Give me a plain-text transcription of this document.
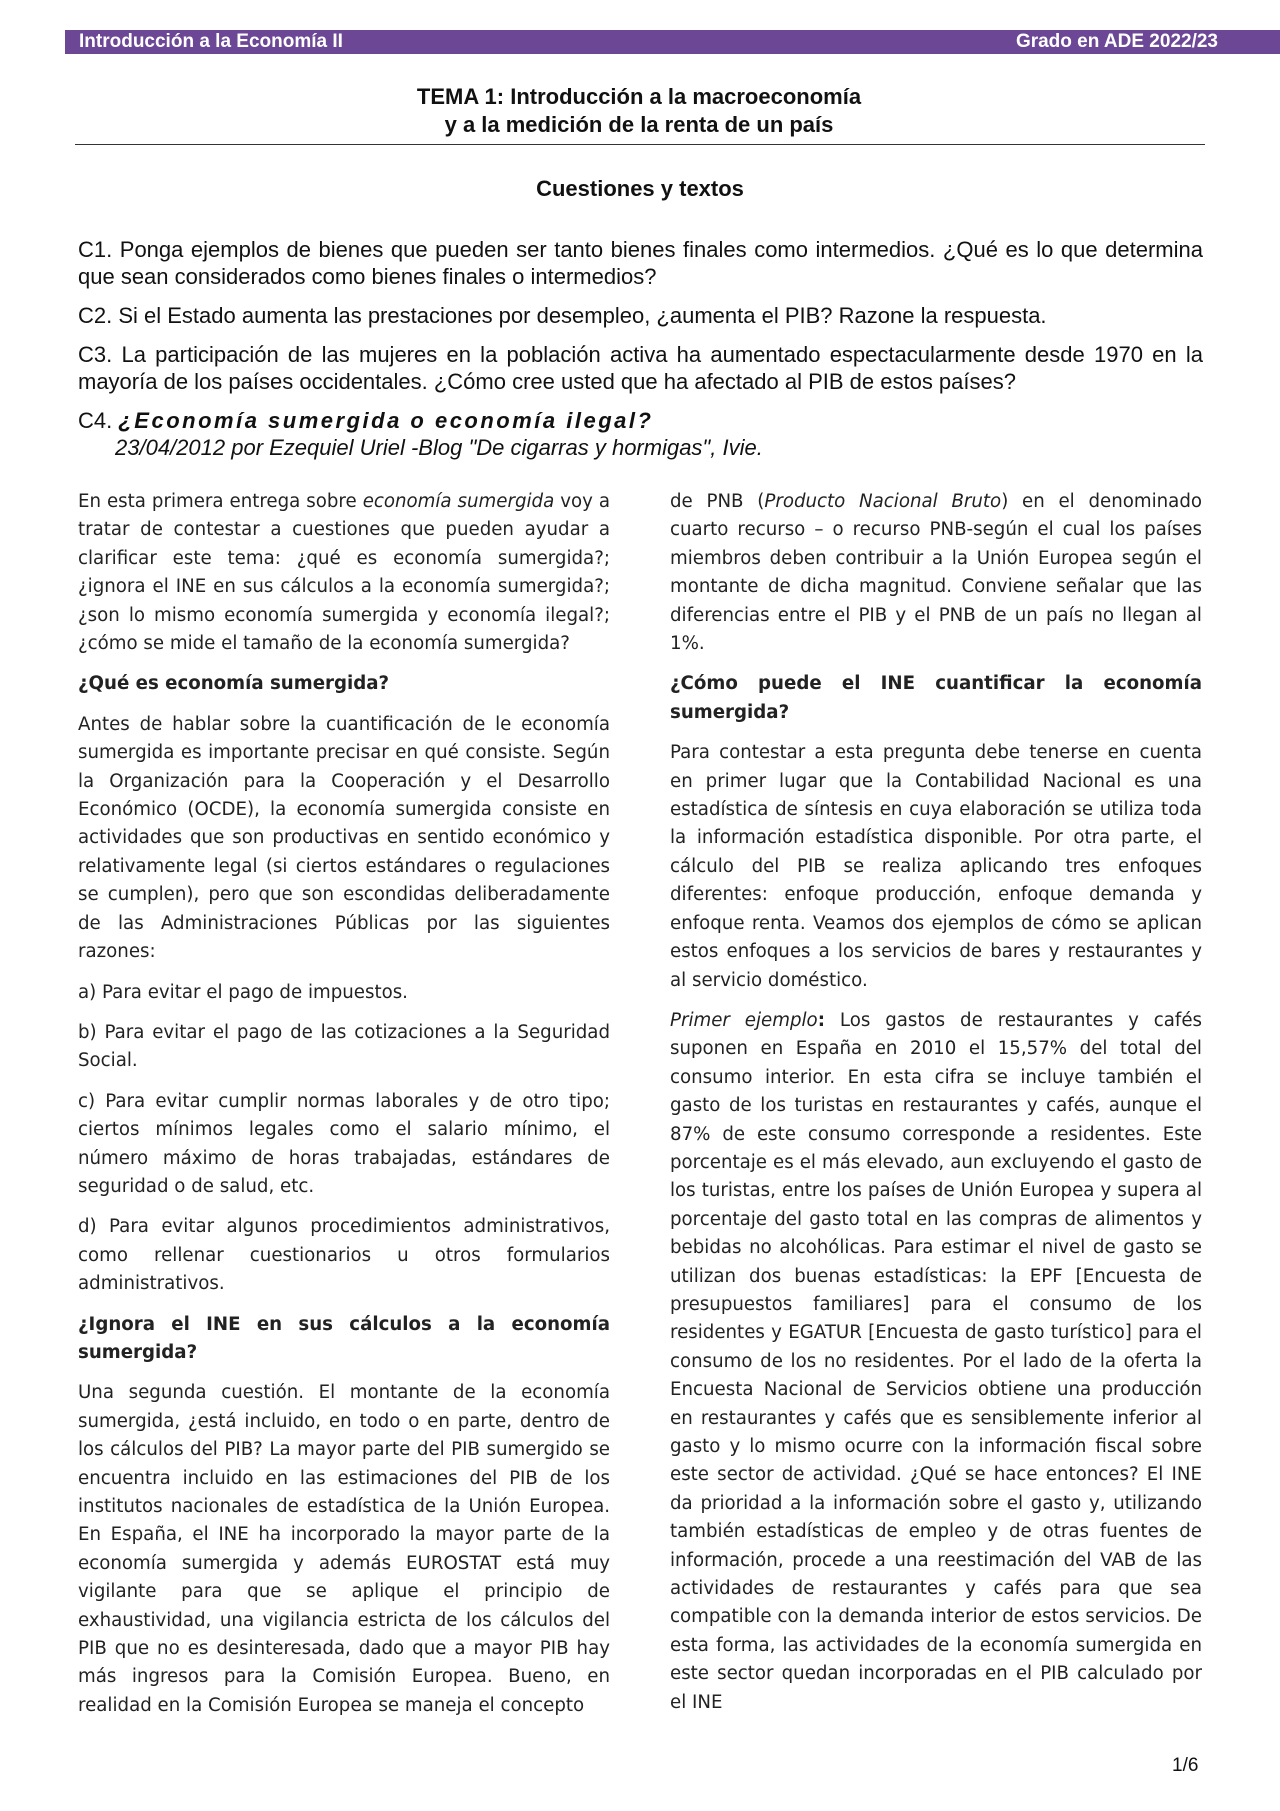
Introducción a la Economía II	Grado en ADE 2022/23
TEMA 1: Introducción a la macroeconomía
y a la medición de la renta de un país
Cuestiones y textos

C1. Ponga ejemplos de bienes que pueden ser tanto bienes finales como intermedios. ¿Qué es lo que determina que sean considerados como bienes finales o intermedios?

C2. Si el Estado aumenta las prestaciones por desempleo, ¿aumenta el PIB? Razone la respuesta.

C3. La participación de las mujeres en la población activa ha aumentado espectacularmente desde 1970 en la mayoría de los países occidentales. ¿Cómo cree usted que ha afectado al PIB de estos países?

C4. ¿Economía sumergida o economía ilegal?
23/04/2012 por Ezequiel Uriel -Blog "De cigarras y hormigas", Ivie.

En esta primera entrega sobre economía sumergida voy a tratar de contestar a cuestiones que pueden ayudar a clarificar este tema: ¿qué es economía sumergida?; ¿ignora el INE en sus cálculos a la economía sumergida?; ¿son lo mismo economía sumergida y economía ilegal?; ¿cómo se mide el tamaño de la economía sumergida?

¿Qué es economía sumergida?

Antes de hablar sobre la cuantificación de le economía sumergida es importante precisar en qué consiste. Según la Organización para la Cooperación y el Desarrollo Económico (OCDE), la economía sumergida consiste en actividades que son productivas en sentido económico y relativamente legal (si ciertos estándares o regulaciones se cumplen), pero que son escondidas deliberadamente de las Administraciones Públicas por las siguientes razones:

a) Para evitar el pago de impuestos.

b) Para evitar el pago de las cotizaciones a la Seguridad Social.

c) Para evitar cumplir normas laborales y de otro tipo; ciertos mínimos legales como el salario mínimo, el número máximo de horas trabajadas, estándares de seguridad o de salud, etc.

d) Para evitar algunos procedimientos administrativos, como rellenar cuestionarios u otros formularios administrativos.

¿Ignora el INE en sus cálculos a la economía sumergida?

Una segunda cuestión. El montante de la economía sumergida, ¿está incluido, en todo o en parte, dentro de los cálculos del PIB? La mayor parte del PIB sumergido se encuentra incluido en las estimaciones del PIB de los institutos nacionales de estadística de la Unión Europea. En España, el INE ha incorporado la mayor parte de la economía sumergida y además EUROSTAT está muy vigilante para que se aplique el principio de exhaustividad, una vigilancia estricta de los cálculos del PIB que no es desinteresada, dado que a mayor PIB hay más ingresos para la Comisión Europea. Bueno, en realidad en la Comisión Europea se maneja el concepto

de PNB (Producto Nacional Bruto) en el denominado cuarto recurso – o recurso PNB-según el cual los países miembros deben contribuir a la Unión Europea según el montante de dicha magnitud. Conviene señalar que las diferencias entre el PIB y el PNB de un país no llegan al 1%.

¿Cómo puede el INE cuantificar la economía sumergida?

Para contestar a esta pregunta debe tenerse en cuenta en primer lugar que la Contabilidad Nacional es una estadística de síntesis en cuya elaboración se utiliza toda la información estadística disponible. Por otra parte, el cálculo del PIB se realiza aplicando tres enfoques diferentes: enfoque producción, enfoque demanda y enfoque renta. Veamos dos ejemplos de cómo se aplican estos enfoques a los servicios de bares y restaurantes y al servicio doméstico.

Primer ejemplo: Los gastos de restaurantes y cafés suponen en España en 2010 el 15,57% del total del consumo interior. En esta cifra se incluye también el gasto de los turistas en restaurantes y cafés, aunque el 87% de este consumo corresponde a residentes. Este porcentaje es el más elevado, aun excluyendo el gasto de los turistas, entre los países de Unión Europea y supera al porcentaje del gasto total en las compras de alimentos y bebidas no alcohólicas. Para estimar el nivel de gasto se utilizan dos buenas estadísticas: la EPF [Encuesta de presupuestos familiares] para el consumo de los residentes y EGATUR [Encuesta de gasto turístico] para el consumo de los no residentes. Por el lado de la oferta la Encuesta Nacional de Servicios obtiene una producción en restaurantes y cafés que es sensiblemente inferior al gasto y lo mismo ocurre con la información fiscal sobre este sector de actividad. ¿Qué se hace entonces? El INE da prioridad a la información sobre el gasto y, utilizando también estadísticas de empleo y de otras fuentes de información, procede a una reestimación del VAB de las actividades de restaurantes y cafés para que sea compatible con la demanda interior de estos servicios. De esta forma, las actividades de la economía sumergida en este sector quedan incorporadas en el PIB calculado por el INE

1/6
